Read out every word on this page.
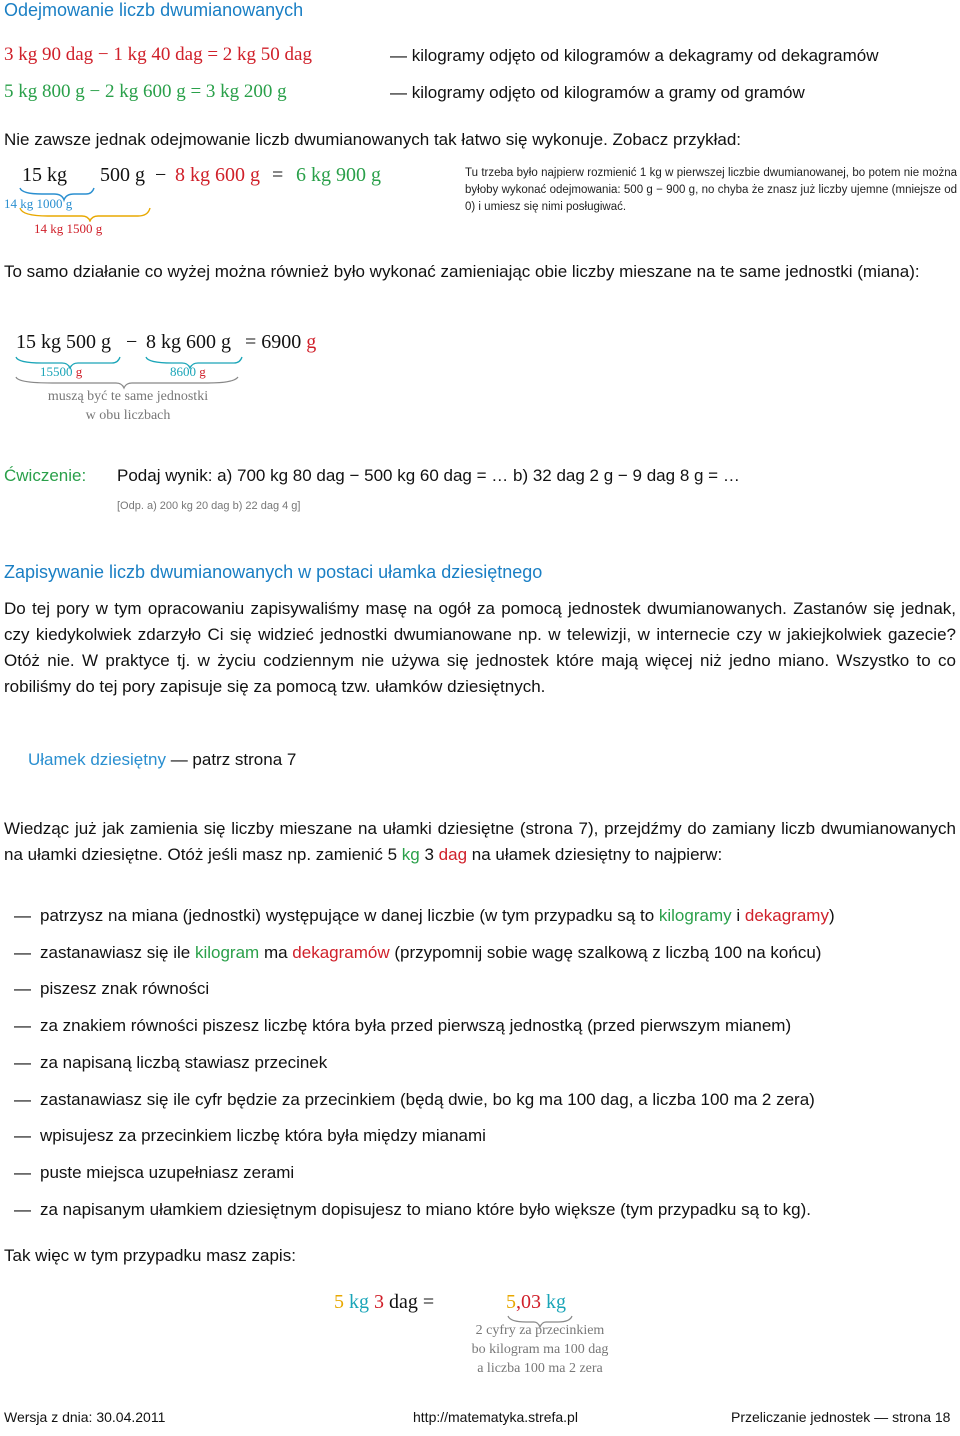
Odejmowanie liczb dwumianowanych
3 kg 90 dag − 1 kg 40 dag = 2 kg 50 dag	— kilogramy odjęto od kilogramów a dekagramy od dekagramów
5 kg 800 g − 2 kg 600 g = 3 kg 200 g	— kilogramy odjęto od kilogramów a gramy od gramów
Nie zawsze jednak odejmowanie liczb dwumianowanych tak łatwo się wykonuje. Zobacz przykład:
15 kg 500 g − 8 kg 600 g = 6 kg 900 g
14 kg 1000 g
14 kg 1500 g
Tu trzeba było najpierw rozmienić 1 kg w pierwszej liczbie dwumianowanej, bo potem nie można byłoby wykonać odejmowania: 500 g − 900 g, no chyba że znasz już liczby ujemne (mniejsze od 0) i umiesz się nimi posługiwać.
To samo działanie co wyżej można również było wykonać zamieniając obie liczby mieszane na te same jednostki (miana):
15 kg 500 g − 8 kg 600 g = 6900 g
15500 g	8600 g
muszą być te same jednostki
w obu liczbach
Ćwiczenie: Podaj wynik: a) 700 kg 80 dag − 500 kg 60 dag = … b) 32 dag 2 g − 9 dag 8 g = …
[Odp. a) 200 kg 20 dag b) 22 dag 4 g]
Zapisywanie liczb dwumianowanych w postaci ułamka dziesiętnego
Do tej pory w tym opracowaniu zapisywaliśmy masę na ogół za pomocą jednostek dwumianowanych. Zastanów się jednak, czy kiedykolwiek zdarzyło Ci się widzieć jednostki dwumianowane np. w telewizji, w internecie czy w jakiejkolwiek gazecie? Otóż nie. W praktyce tj. w życiu codziennym nie używa się jednostek które mają więcej niż jedno miano. Wszystko to co robiliśmy do tej pory zapisuje się za pomocą tzw. ułamków dziesiętnych.
Ułamek dziesiętny — patrz strona 7
Wiedząc już jak zamienia się liczby mieszane na ułamki dziesiętne (strona 7), przejdźmy do zamiany liczb dwumianowanych na ułamki dziesiętne. Otóż jeśli masz np. zamienić 5 kg 3 dag na ułamek dziesiętny to najpierw:
— patrzysz na miana (jednostki) występujące w danej liczbie (w tym przypadku są to kilogramy i dekagramy)
— zastanawiasz się ile kilogram ma dekagramów (przypomnij sobie wagę szalkową z liczbą 100 na końcu)
— piszesz znak równości
— za znakiem równości piszesz liczbę która była przed pierwszą jednostką (przed pierwszym mianem)
— za napisaną liczbą stawiasz przecinek
— zastanawiasz się ile cyfr będzie za przecinkiem (będą dwie, bo kg ma 100 dag, a liczba 100 ma 2 zera)
— wpisujesz za przecinkiem liczbę która była między mianami
— puste miejsca uzupełniasz zerami
— za napisanym ułamkiem dziesiętnym dopisujesz to miano które było większe (tym przypadku są to kg).
Tak więc w tym przypadku masz zapis:
5 kg 3 dag =	5,03 kg
2 cyfry za przecinkiem
bo kilogram ma 100 dag
a liczba 100 ma 2 zera
Wersja z dnia: 30.04.2011	http://matematyka.strefa.pl	Przeliczanie jednostek — strona 18
